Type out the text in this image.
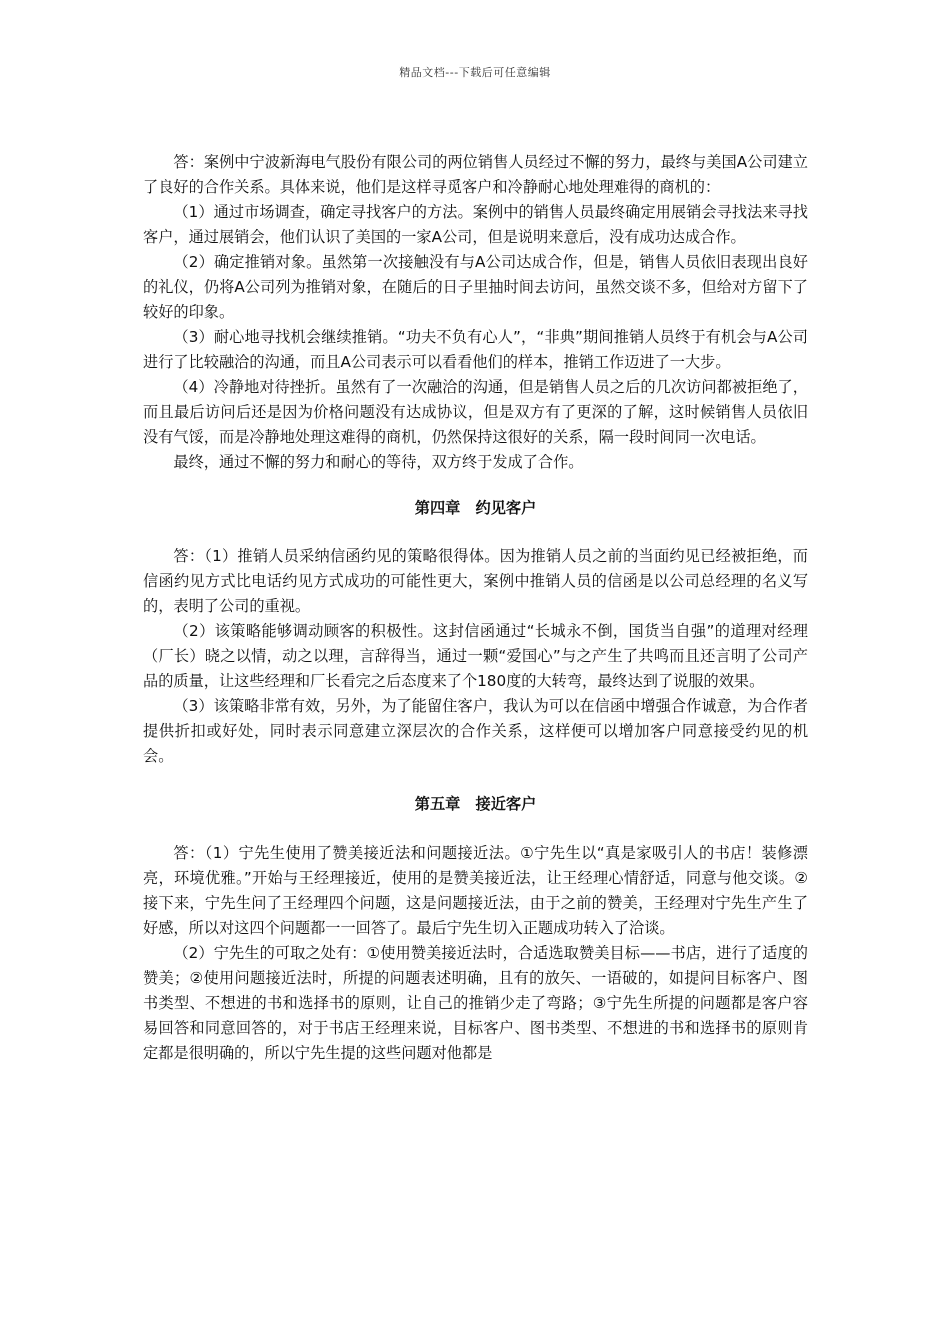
精品文档---下载后可任意编辑

答：案例中宁波新海电气股份有限公司的两位销售人员经过不懈的努力，最终与美国A公司建立了良好的合作关系。具体来说，他们是这样寻觅客户和冷静耐心地处理难得的商机的：

（1）通过市场调查，确定寻找客户的方法。案例中的销售人员最终确定用展销会寻找法来寻找客户，通过展销会，他们认识了美国的一家A公司，但是说明来意后，没有成功达成合作。

（2）确定推销对象。虽然第一次接触没有与A公司达成合作，但是，销售人员依旧表现出良好的礼仪，仍将A公司列为推销对象，在随后的日子里抽时间去访问，虽然交谈不多，但给对方留下了较好的印象。

（3）耐心地寻找机会继续推销。“功夫不负有心人”，“非典”期间推销人员终于有机会与A公司进行了比较融洽的沟通，而且A公司表示可以看看他们的样本，推销工作迈进了一大步。

（4）冷静地对待挫折。虽然有了一次融洽的沟通，但是销售人员之后的几次访问都被拒绝了，而且最后访问后还是因为价格问题没有达成协议，但是双方有了更深的了解，这时候销售人员依旧没有气馁，而是冷静地处理这难得的商机，仍然保持这很好的关系，隔一段时间同一次电话。

最终，通过不懈的努力和耐心的等待，双方终于发成了合作。

第四章　约见客户

答：（1）推销人员采纳信函约见的策略很得体。因为推销人员之前的当面约见已经被拒绝，而信函约见方式比电话约见方式成功的可能性更大，案例中推销人员的信函是以公司总经理的名义写的，表明了公司的重视。

（2）该策略能够调动顾客的积极性。这封信函通过“长城永不倒，国货当自强”的道理对经理（厂长）晓之以情，动之以理，言辞得当，通过一颗“爱国心”与之产生了共鸣而且还言明了公司产品的质量，让这些经理和厂长看完之后态度来了个180度的大转弯，最终达到了说服的效果。

（3）该策略非常有效，另外，为了能留住客户，我认为可以在信函中增强合作诚意，为合作者提供折扣或好处，同时表示同意建立深层次的合作关系，这样便可以增加客户同意接受约见的机会。

第五章　接近客户

答：（1）宁先生使用了赞美接近法和问题接近法。①宁先生以“真是家吸引人的书店！装修漂亮，环境优雅。”开始与王经理接近，使用的是赞美接近法，让王经理心情舒适，同意与他交谈。②接下来，宁先生问了王经理四个问题，这是问题接近法，由于之前的赞美，王经理对宁先生产生了好感，所以对这四个问题都一一回答了。最后宁先生切入正题成功转入了洽谈。

（2）宁先生的可取之处有：①使用赞美接近法时，合适选取赞美目标——书店，进行了适度的赞美；②使用问题接近法时，所提的问题表述明确，且有的放矢、一语破的，如提问目标客户、图书类型、不想进的书和选择书的原则，让自己的推销少走了弯路；③宁先生所提的问题都是客户容易回答和同意回答的，对于书店王经理来说，目标客户、图书类型、不想进的书和选择书的原则肯定都是很明确的，所以宁先生提的这些问题对他都是
